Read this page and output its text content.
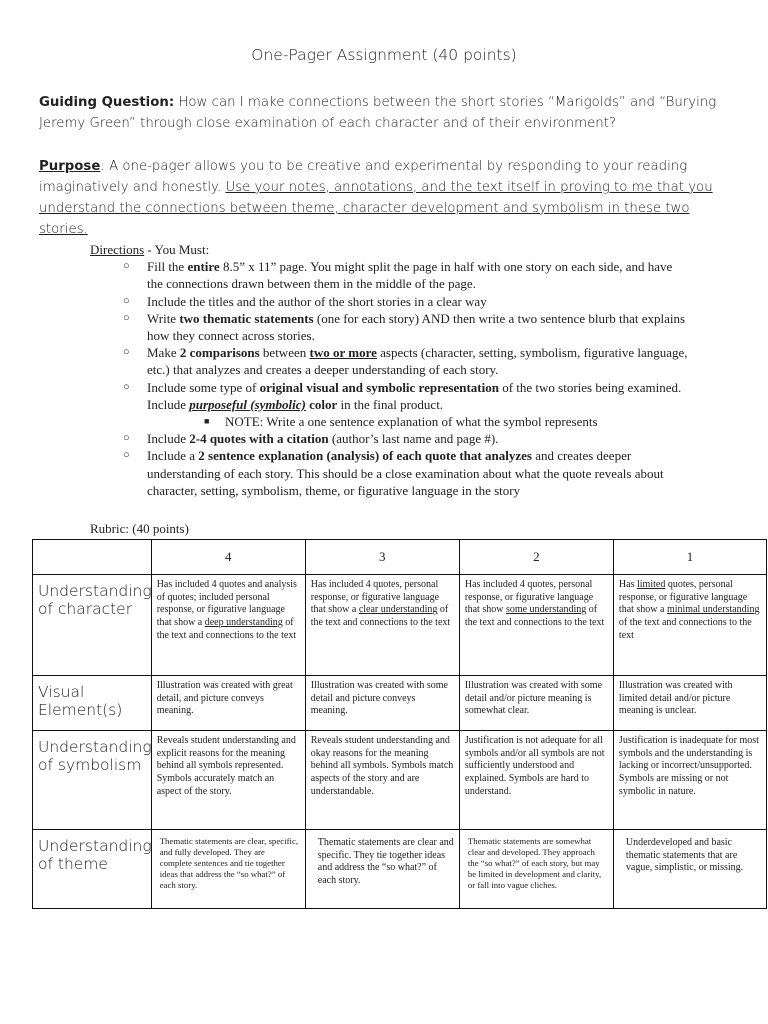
One-Pager Assignment (40 points)
Guiding Question: How can I make connections between the short stories “Marigolds” and “Burying Jeremy Green” through close examination of each character and of their environment?
Purpose: A one-pager allows you to be creative and experimental by responding to your reading imaginatively and honestly. Use your notes, annotations, and the text itself in proving to me that you understand the connections between theme, character development and symbolism in these two stories.
Directions - You Must:
○ Fill the entire 8.5” x 11” page. You might split the page in half with one story on each side, and have the connections drawn between them in the middle of the page.
○ Include the titles and the author of the short stories in a clear way
○ Write two thematic statements (one for each story) AND then write a two sentence blurb that explains how they connect across stories.
○ Make 2 comparisons between two or more aspects (character, setting, symbolism, figurative language, etc.) that analyzes and creates a deeper understanding of each story.
○ Include some type of original visual and symbolic representation of the two stories being examined. Include purposeful (symbolic) color in the final product.
■ NOTE: Write a one sentence explanation of what the symbol represents
○ Include 2-4 quotes with a citation (author’s last name and page #).
○ Include a 2 sentence explanation (analysis) of each quote that analyzes and creates deeper understanding of each story. This should be a close examination about what the quote reveals about character, setting, symbolism, theme, or figurative language in the story
Rubric: (40 points)
	4	3	2	1
Understanding of character	Has included 4 quotes and analysis of quotes; included personal response, or figurative language that show a deep understanding of the text and connections to the text	Has included 4 quotes, personal response, or figurative language that show a clear understanding of the text and connections to the text	Has included 4 quotes, personal response, or figurative language that show some understanding of the text and connections to the text	Has limited quotes, personal response, or figurative language that show a minimal understanding of the text and connections to the text
Visual Element(s)	Illustration was created with great detail, and picture conveys meaning.	Illustration was created with some detail and picture conveys meaning.	Illustration was created with some detail and/or picture meaning is somewhat clear.	Illustration was created with limited detail and/or picture meaning is unclear.
Understanding of symbolism	Reveals student understanding and explicit reasons for the meaning behind all symbols represented. Symbols accurately match an aspect of the story.	Reveals student understanding and okay reasons for the meaning behind all symbols. Symbols match aspects of the story and are understandable.	Justification is not adequate for all symbols and/or all symbols are not sufficiently understood and explained. Symbols are hard to understand.	Justification is inadequate for most symbols and the understanding is lacking or incorrect/unsupported. Symbols are missing or not symbolic in nature.
Understanding of theme	Thematic statements are clear, specific, and fully developed. They are complete sentences and tie together ideas that address the “so what?” of each story.	Thematic statements are clear and specific. They tie together ideas and address the “so what?” of each story.	Thematic statements are somewhat clear and developed. They approach the “so what?” of each story, but may be limited in development and clarity, or fall into vague cliches.	Underdeveloped and basic thematic statements that are vague, simplistic, or missing.
